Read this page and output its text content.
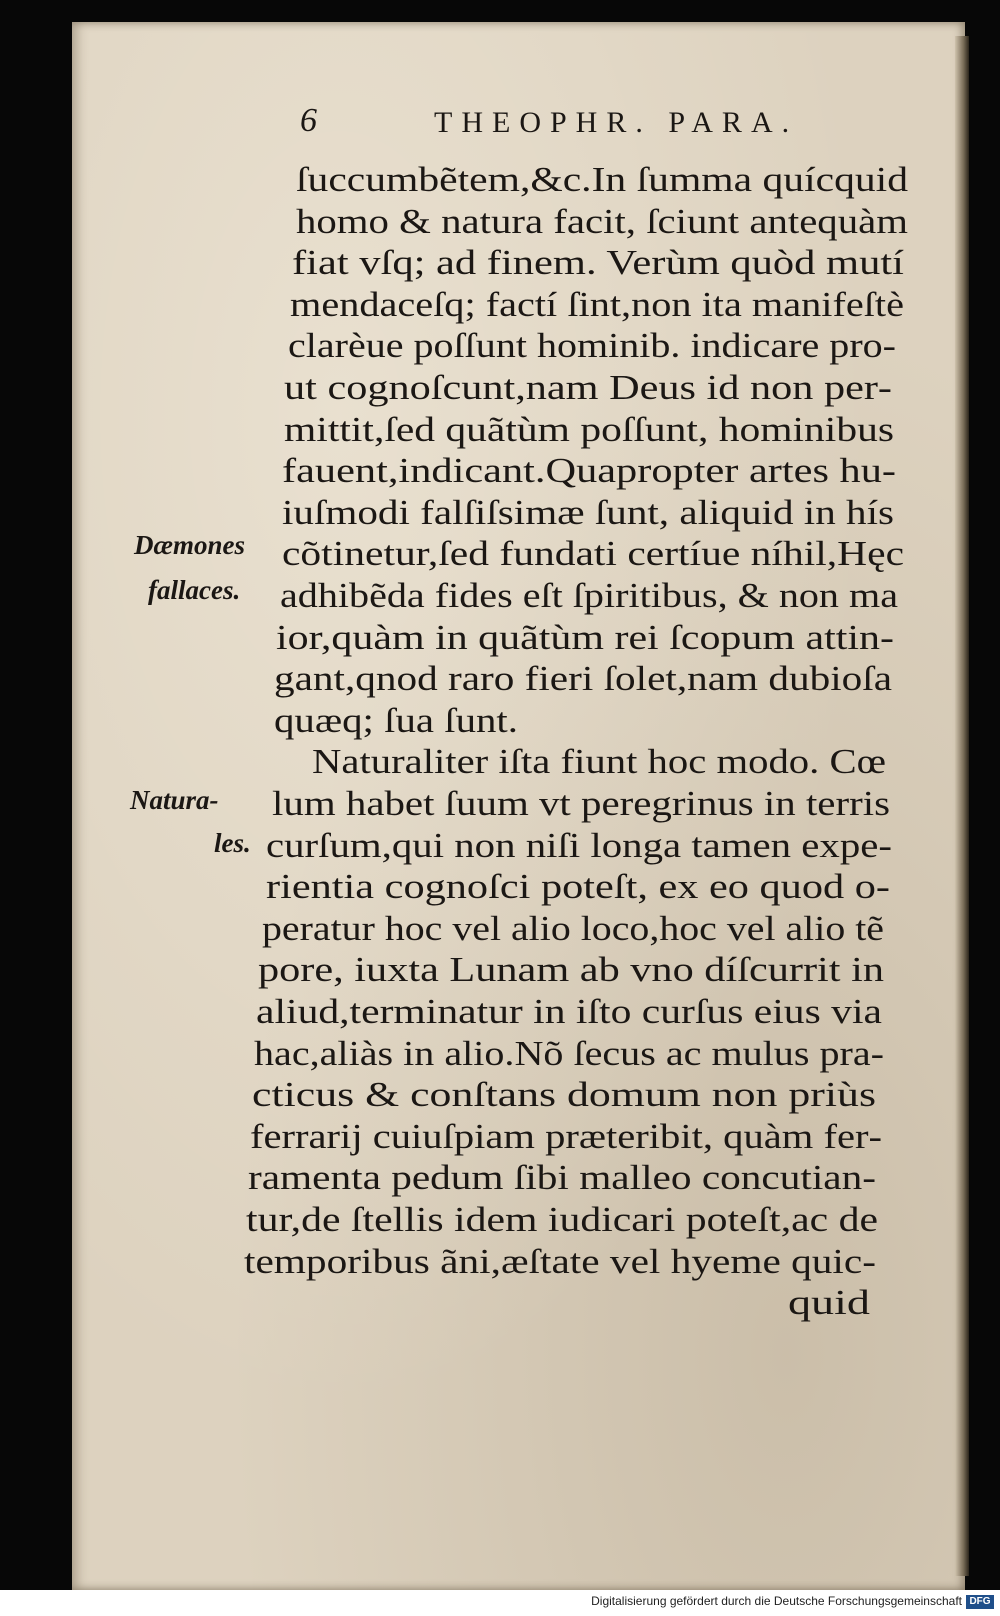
6	THEOPHR. PARA.
ſuccumbẽtem,&c.In ſumma quícquid
homo & natura facit, ſciunt antequàm
fiat vſq; ad finem. Verùm quòd mutí
mendaceſq; factí ſint,non ita manifeſtè
clarèue poſſunt hominib. indicare pro‑
ut cognoſcunt,nam Deus id non per‑
mittit,ſed quãtùm poſſunt, hominibus
fauent,indicant.Quapropter artes hu‑
iuſmodi falſiſsimæ ſunt, aliquid in hís
cõtinetur,ſed fundati certíue níhil,Hęc
adhibẽda fides eſt ſpiritibus, & non ma
ior,quàm in quãtùm rei ſcopum attin‑
gant,qnod raro fieri ſolet,nam dubioſa
quæq; ſua ſunt.
Naturaliter iſta fiunt hoc modo. Cœ
lum habet ſuum vt peregrinus in terris
curſum,qui non niſi longa tamen expe‑
rientia cognoſci poteſt, ex eo quod o‑
peratur hoc vel alio loco,hoc vel alio tẽ
pore, iuxta Lunam ab vno díſcurrit in
aliud,terminatur in iſto curſus eius via
hac,aliàs in alio.Nõ ſecus ac mulus pra‑
cticus & conſtans domum non priùs
ferrarij cuiuſpiam præteribit, quàm fer‑
ramenta pedum ſibi malleo concutian‑
tur,de ſtellis idem iudicari poteſt,ac de
temporibus ãni,æſtate vel hyeme quic‑
quid
Dæmones
fallaces.
Natura-
les.
Digitalisierung gefördert durch die Deutsche Forschungsgemeinschaft DFG
